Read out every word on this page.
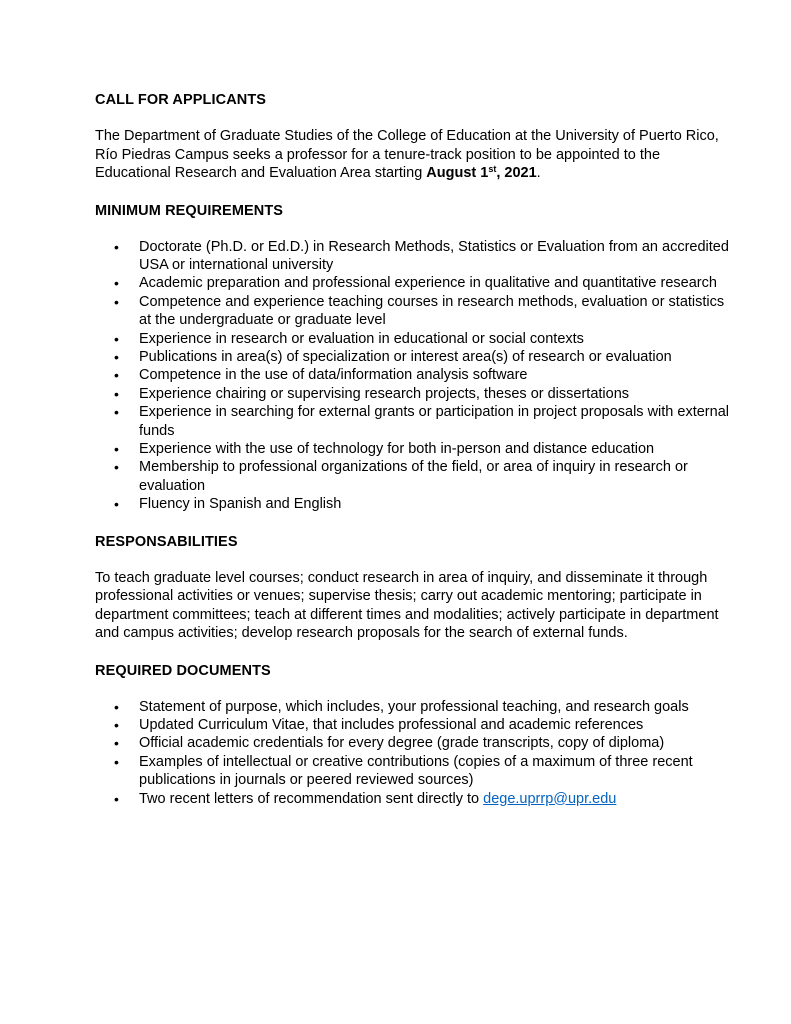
CALL FOR APPLICANTS

The Department of Graduate Studies of the College of Education at the University of Puerto Rico, Río Piedras Campus seeks a professor for a tenure-track position to be appointed to the Educational Research and Evaluation Area starting August 1st, 2021.

MINIMUM REQUIREMENTS
• Doctorate (Ph.D. or Ed.D.) in Research Methods, Statistics or Evaluation from an accredited USA or international university
• Academic preparation and professional experience in qualitative and quantitative research
• Competence and experience teaching courses in research methods, evaluation or statistics at the undergraduate or graduate level
• Experience in research or evaluation in educational or social contexts
• Publications in area(s) of specialization or interest area(s) of research or evaluation
• Competence in the use of data/information analysis software
• Experience chairing or supervising research projects, theses or dissertations
• Experience in searching for external grants or participation in project proposals with external funds
• Experience with the use of technology for both in-person and distance education
• Membership to professional organizations of the field, or area of inquiry in research or evaluation
• Fluency in Spanish and English
RESPONSABILITIES

To teach graduate level courses; conduct research in area of inquiry, and disseminate it through professional activities or venues; supervise thesis; carry out academic mentoring; participate in department committees; teach at different times and modalities; actively participate in department and campus activities; develop research proposals for the search of external funds.

REQUIRED DOCUMENTS
• Statement of purpose, which includes, your professional teaching, and research goals
• Updated Curriculum Vitae, that includes professional and academic references
• Official academic credentials for every degree (grade transcripts, copy of diploma)
• Examples of intellectual or creative contributions (copies of a maximum of three recent publications in journals or peered reviewed sources)
• Two recent letters of recommendation sent directly to dege.uprrp@upr.edu
